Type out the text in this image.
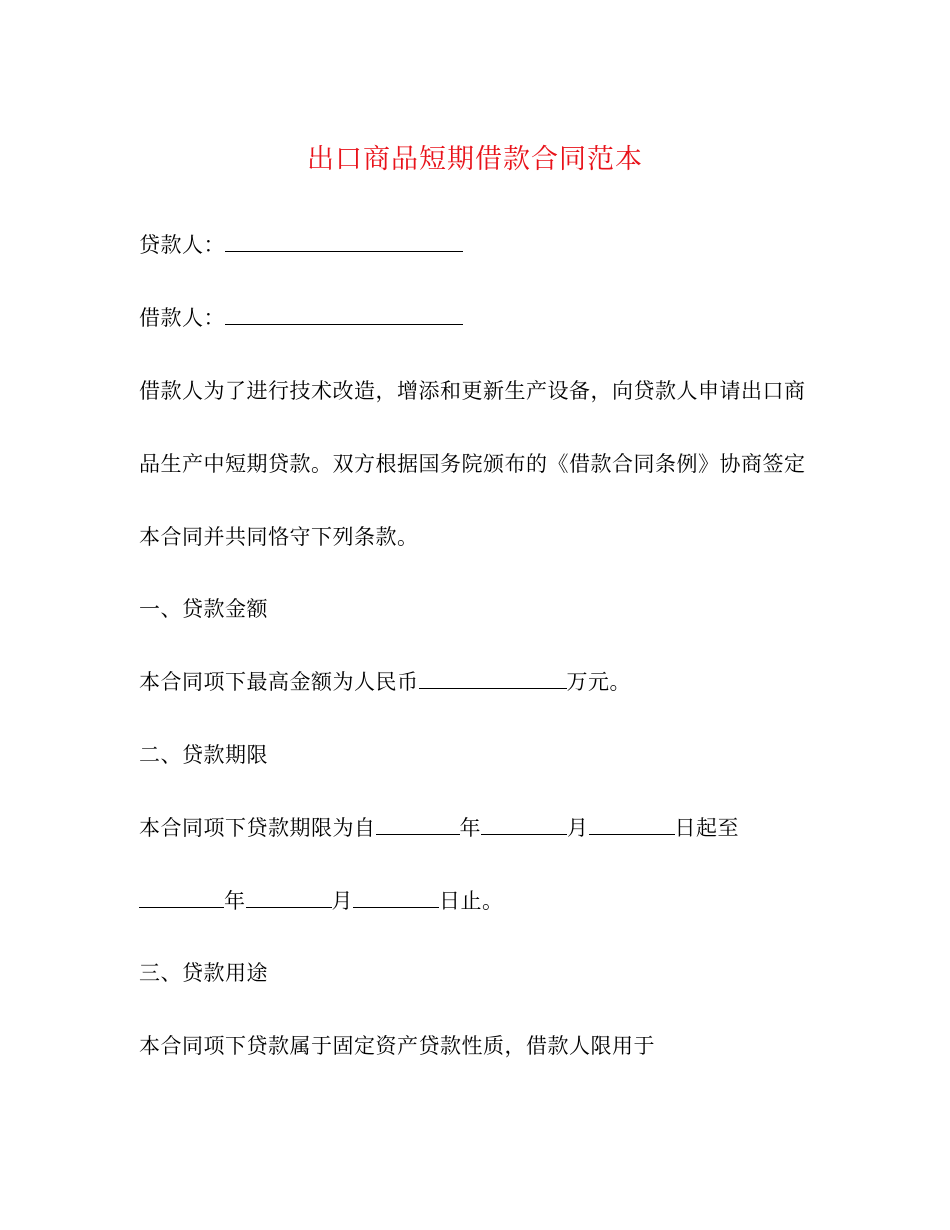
出口商品短期借款合同范本
贷款人：
借款人：
借款人为了进行技术改造，增添和更新生产设备，向贷款人申请出口商
品生产中短期贷款。双方根据国务院颁布的《借款合同条例》协商签定
本合同并共同恪守下列条款。
一、贷款金额
本合同项下最高金额为人民币	万元。
二、贷款期限
本合同项下贷款期限为自	年	月	日起至
年	月	日止。
三、贷款用途
本合同项下贷款属于固定资产贷款性质，借款人限用于
